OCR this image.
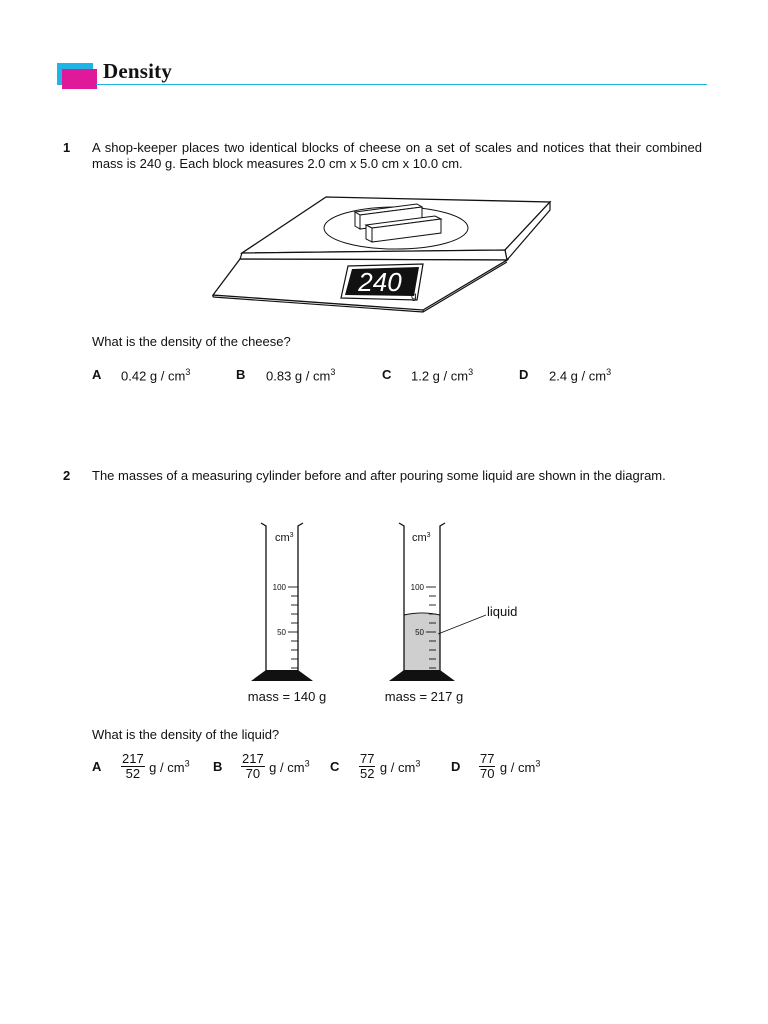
Density
1 A shop-keeper places two identical blocks of cheese on a set of scales and notices that their combined mass is 240 g. Each block measures 2.0 cm x 5.0 cm x 10.0 cm.
240 g
What is the density of the cheese?
A 0.42 g / $cm^3$	B 0.83 g / $cm^3$	C 1.2 g / $cm^3$	D 2.4 g / $cm^3$
2 The masses of a measuring cylinder before and after pouring some liquid are shown in the diagram.
$cm^3$
100
50
$cm^3$
100
50
liquid
mass = 140 g	mass = 217 g
What is the density of the liquid?
A $\frac{217}{52}$ g / $cm^3$ B $\frac{217}{70}$ g / $cm^3$ C $\frac{77}{52}$ g / $cm^3$ D $\frac{77}{70}$ g / $cm^3$
